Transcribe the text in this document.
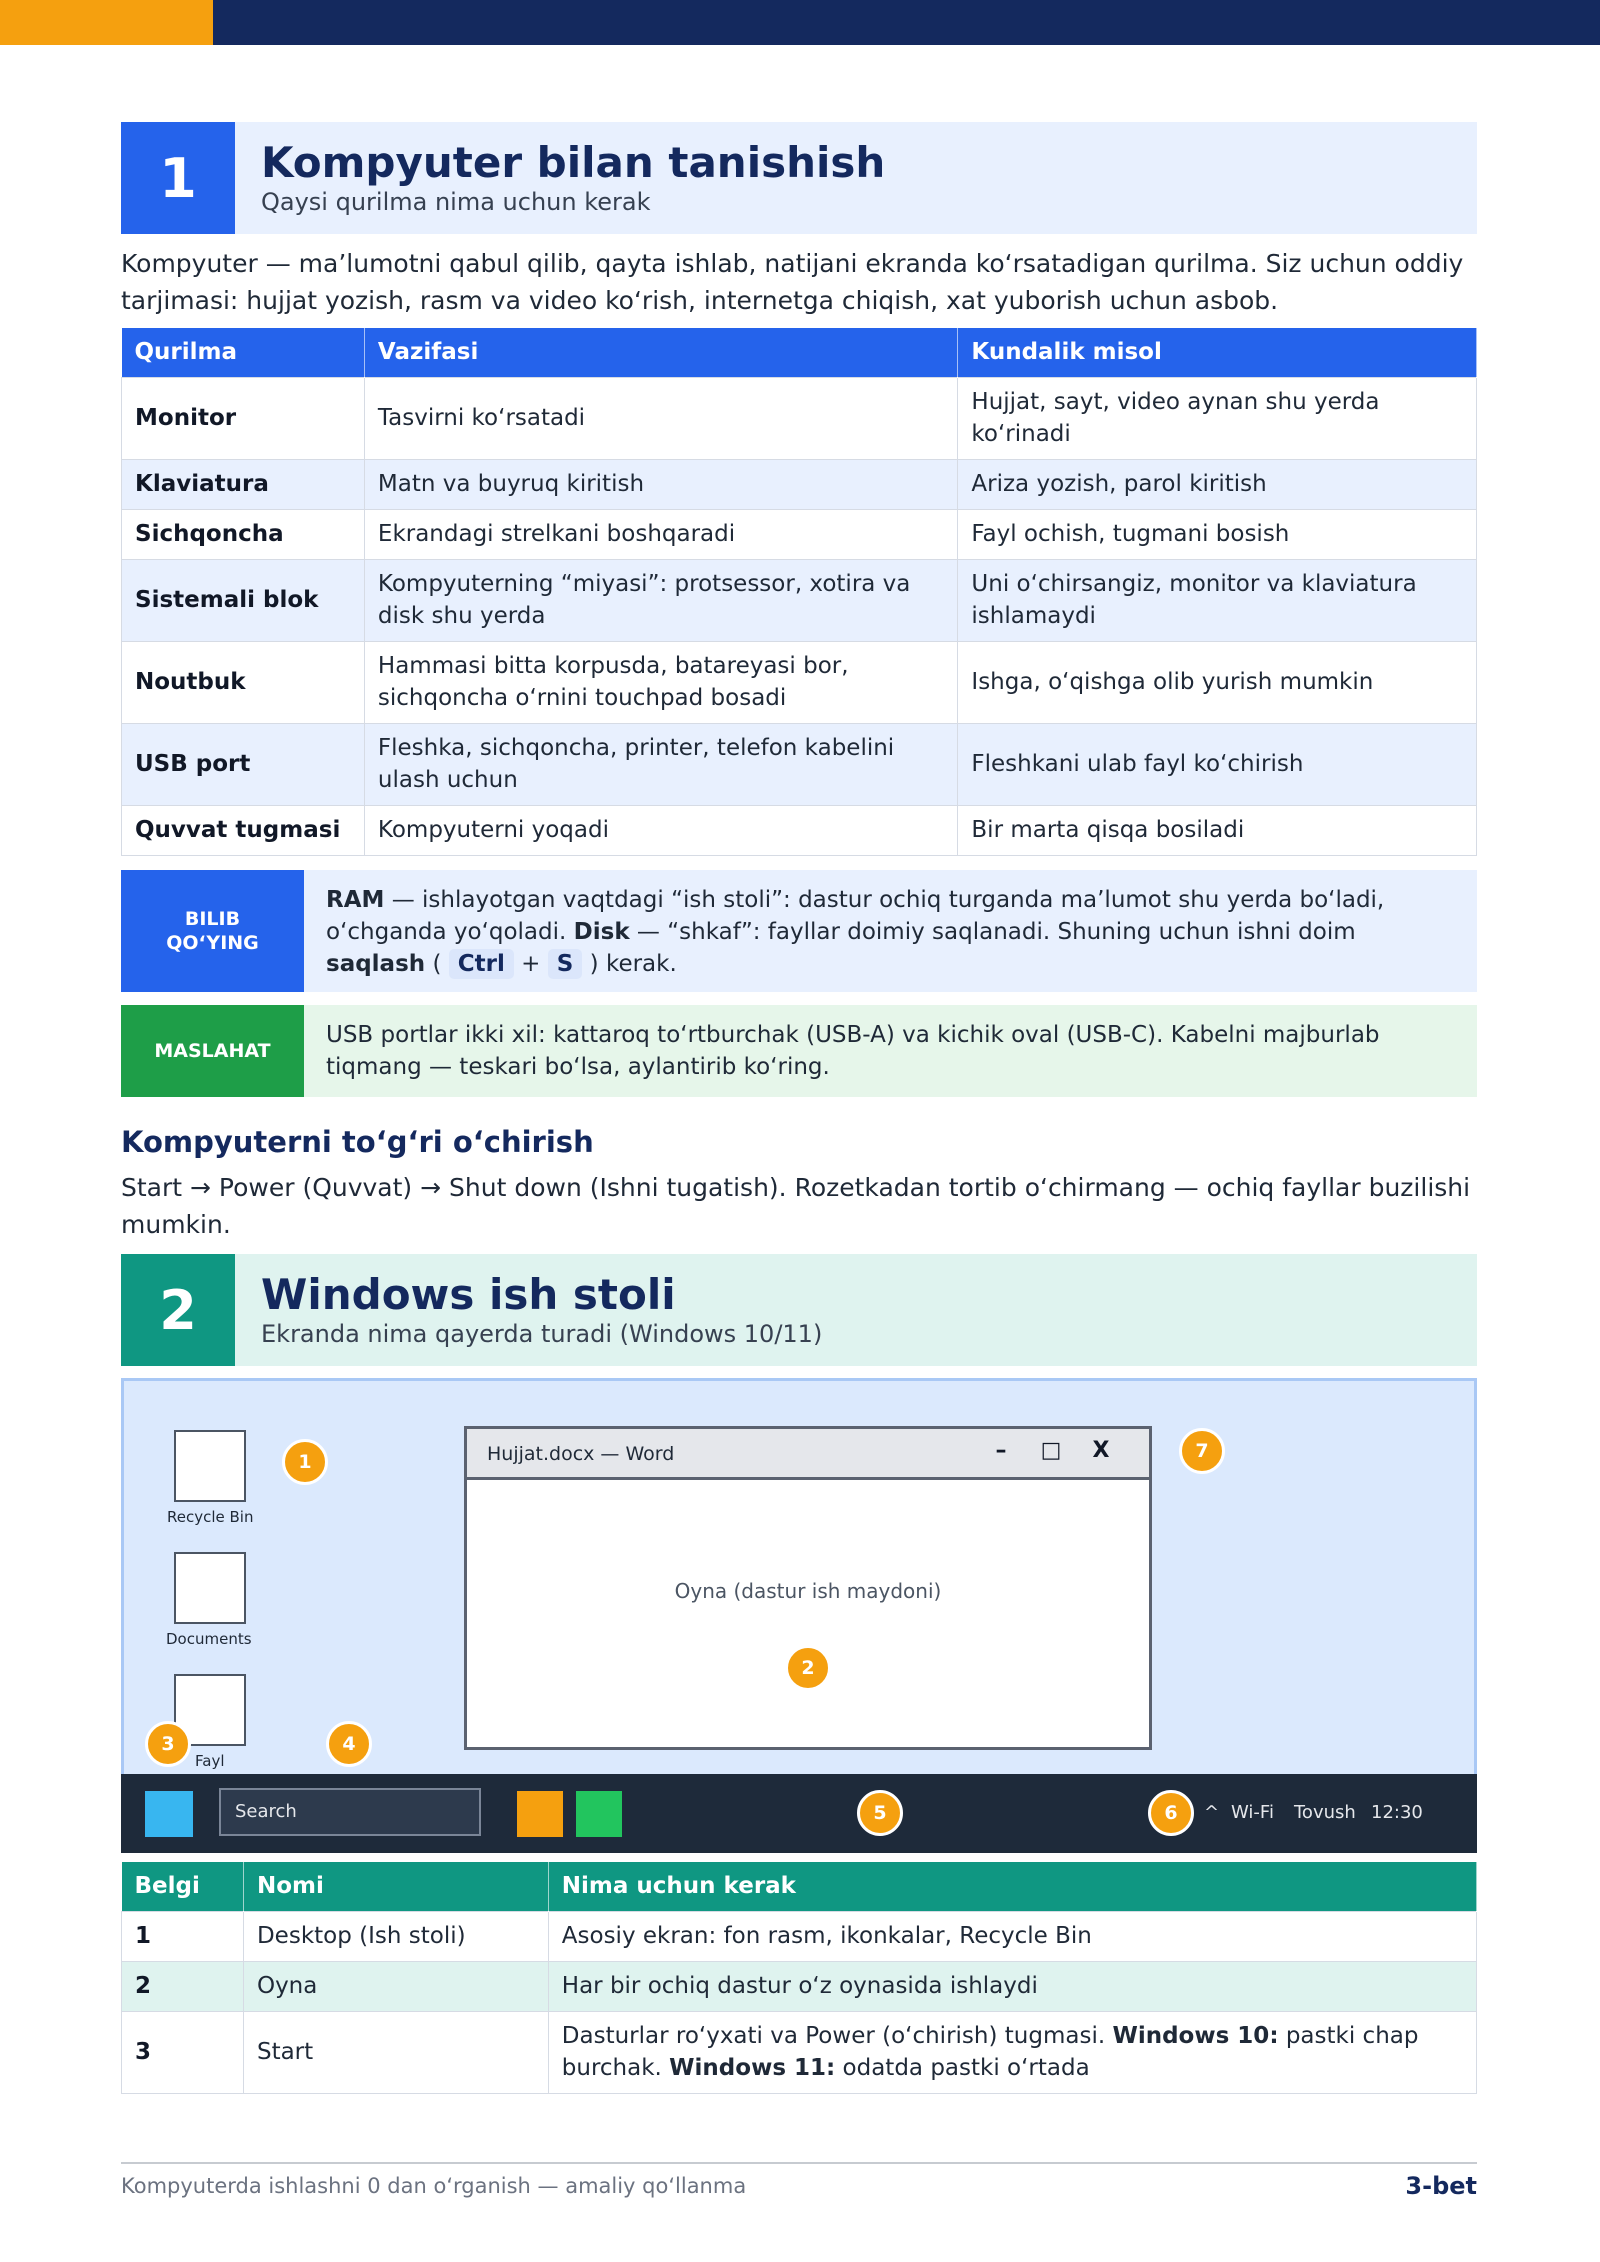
1	Kompyuter bilan tanishish
Qaysi qurilma nima uchun kerak

Kompyuter — ma’lumotni qabul qilib, qayta ishlab, natijani ekranda ko‘rsatadigan qurilma. Siz uchun oddiy tarjimasi: hujjat yozish, rasm va video ko‘rish, internetga chiqish, xat yuborish uchun asbob.

Qurilma	Vazifasi	Kundalik misol
Monitor	Tasvirni ko‘rsatadi	Hujjat, sayt, video aynan shu yerda ko‘rinadi
Klaviatura	Matn va buyruq kiritish	Ariza yozish, parol kiritish
Sichqoncha	Ekrandagi strelkani boshqaradi	Fayl ochish, tugmani bosish
Sistemali blok	Kompyuterning “miyasi”: protsessor, xotira va disk shu yerda	Uni o‘chirsangiz, monitor va klaviatura ishlamaydi
Noutbuk	Hammasi bitta korpusda, batareyasi bor, sichqoncha o‘rnini touchpad bosadi	Ishga, o‘qishga olib yurish mumkin
USB port	Fleshka, sichqoncha, printer, telefon kabelini ulash uchun	Fleshkani ulab fayl ko‘chirish
Quvvat tugmasi	Kompyuterni yoqadi	Bir marta qisqa bosiladi
BILIB
QO‘YING
RAM — ishlayotgan vaqtdagi “ish stoli”: dastur ochiq turganda ma’lumot shu yerda bo‘ladi, o‘chganda yo‘qoladi. Disk — “shkaf”: fayllar doimiy saqlanadi. Shuning uchun ishni doim saqlash ( Ctrl + S ) kerak.
MASLAHAT
USB portlar ikki xil: kattaroq to‘rtburchak (USB-A) va kichik oval (USB-C). Kabelni majburlab tiqmang — teskari bo‘lsa, aylantirib ko‘ring.
Kompyuterni to‘g‘ri o‘chirish

Start → Power (Quvvat) → Shut down (Ishni tugatish). Rozetkadan tortib o‘chirmang — ochiq fayllar buzilishi mumkin.

2	Windows ish stoli
Ekranda nima qayerda turadi (Windows 10/11)
Recycle Bin
Documents
Fayl
Hujjat.docx — Word	–	□ X
Oyna (dastur ish maydoni)
Search	^ Wi-Fi Tovush 12:30
1
2
3	4
5	6
7
Belgi	Nomi	Nima uchun kerak
1	Desktop (Ish stoli)	Asosiy ekran: fon rasm, ikonkalar, Recycle Bin
2	Oyna	Har bir ochiq dastur o‘z oynasida ishlaydi
3	Start	Dasturlar ro‘yxati va Power (o‘chirish) tugmasi. Windows 10: pastki chap burchak. Windows 11: odatda pastki o‘rtada
Kompyuterda ishlashni 0 dan o‘rganish — amaliy qo‘llanma	3-bet
